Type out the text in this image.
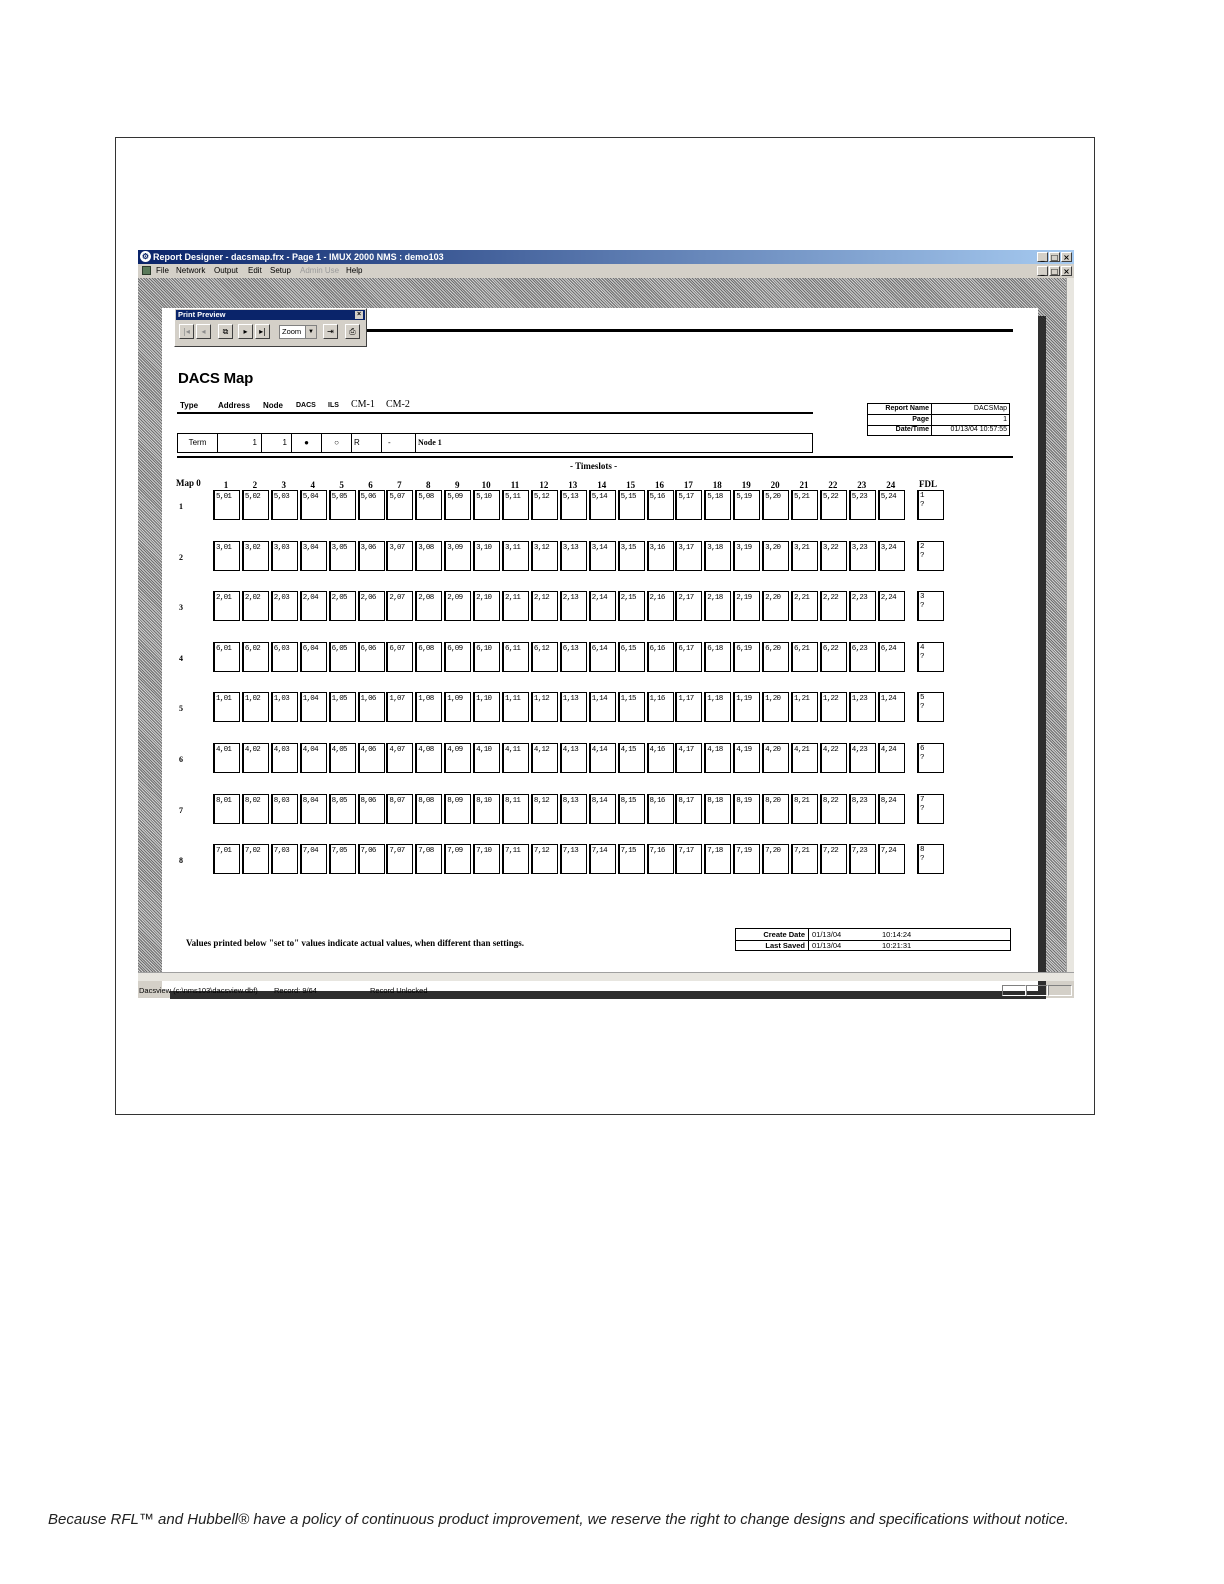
⚙ Report Designer - dacsmap.frx - Page 1 - IMUX 2000 NMS : demo103	_ □ ×
File Network Output Edit Setup Admin Use Help	_ □ ×
DACS Map
Type Address Node DACS ILS CM-1 CM-2	Report Name	DACSMap
Page	1
Date/Time	01/13/04 10:57:55
Term	1	1	●	○	R	-	Node 1
- Timeslots -
Map 0	FDL
1	2	3	4	5	6	7	8	9	10	11	12	13	14	15	16	17	18	19	20	21	22	23	24
1
5,01	5,02	5,03	5,04	5,05	5,06	5,07	5,08	5,09	5,10	5,11	5,12	5,13	5,14	5,15	5,16	5,17	5,18	5,19	5,20	5,21	5,22	5,23	5,24	1
?
2
3,01	3,02	3,03	3,04	3,05	3,06	3,07	3,08	3,09	3,10	3,11	3,12	3,13	3,14	3,15	3,16	3,17	3,18	3,19	3,20	3,21	3,22	3,23	3,24	2
?
3
2,01	2,02	2,03	2,04	2,05	2,06	2,07	2,08	2,09	2,10	2,11	2,12	2,13	2,14	2,15	2,16	2,17	2,18	2,19	2,20	2,21	2,22	2,23	2,24	3
?
4
6,01	6,02	6,03	6,04	6,05	6,06	6,07	6,08	6,09	6,10	6,11	6,12	6,13	6,14	6,15	6,16	6,17	6,18	6,19	6,20	6,21	6,22	6,23	6,24	4
?
5
1,01	1,02	1,03	1,04	1,05	1,06	1,07	1,08	1,09	1,10	1,11	1,12	1,13	1,14	1,15	1,16	1,17	1,18	1,19	1,20	1,21	1,22	1,23	1,24	5
?
6
4,01	4,02	4,03	4,04	4,05	4,06	4,07	4,08	4,09	4,10	4,11	4,12	4,13	4,14	4,15	4,16	4,17	4,18	4,19	4,20	4,21	4,22	4,23	4,24	6
?
7
8,01	8,02	8,03	8,04	8,05	8,06	8,07	8,08	8,09	8,10	8,11	8,12	8,13	8,14	8,15	8,16	8,17	8,18	8,19	8,20	8,21	8,22	8,23	8,24	7
?
8
7,01	7,02	7,03	7,04	7,05	7,06	7,07	7,08	7,09	7,10	7,11	7,12	7,13	7,14	7,15	7,16	7,17	7,18	7,19	7,20	7,21	7,22	7,23	7,24	8
?
Values printed below "set to" values indicate actual values, when different than settings.
Create Date 01/13/04	10:14:24
Last Saved 01/13/04	10:21:31
Print Preview	×
|◂	◂	⧉	▸	▸|	Zoom	▼	⇥	⎙
Dacsview (c:\nms103\dacsview.dbf) Record: 9/64	Record Unlocked
Because RFL™ and Hubbell® have a policy of continuous product improvement, we reserve the right to change designs and specifications without notice.
